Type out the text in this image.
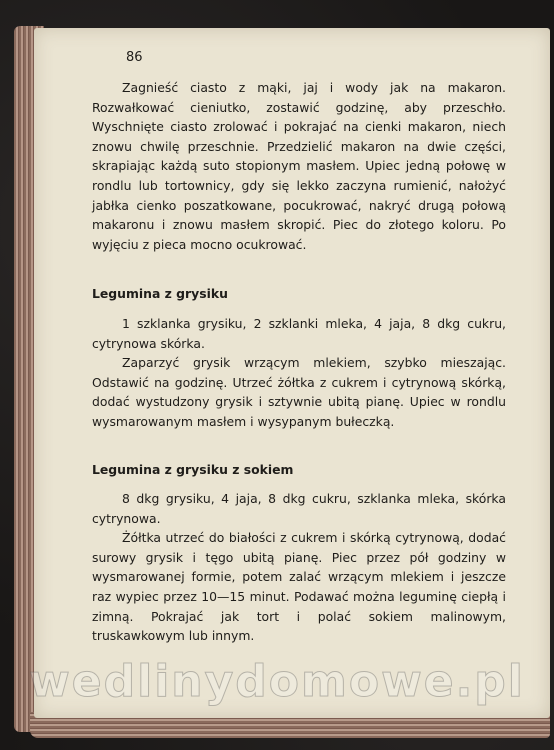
86

Zagnieść ciasto z mąki, jaj i wody jak na makaron. Rozwałkować cieniutko, zostawić godzinę, aby przeschło. Wyschnięte ciasto zrolować i pokrajać na cienki makaron, niech znowu chwilę przeschnie. Przedzielić makaron na dwie części, skrapiając każdą suto stopionym masłem. Upiec jedną połowę w rondlu lub tortownicy, gdy się lekko zaczyna rumienić, nałożyć jabłka cienko poszatkowane, pocukrować, nakryć drugą połową makaronu i znowu masłem skropić. Piec do złotego koloru. Po wyjęciu z pieca mocno ocukrować.

Legumina z grysiku

1 szklanka grysiku, 2 szklanki mleka, 4 jaja, 8 dkg cukru, cytrynowa skórka.

Zaparzyć grysik wrzącym mlekiem, szybko mieszając. Odstawić na godzinę. Utrzeć żółtka z cukrem i cytrynową skórką, dodać wystudzony grysik i sztywnie ubitą pianę. Upiec w rondlu wysmarowanym masłem i wysypanym bułeczką.

Legumina z grysiku z sokiem

8 dkg grysiku, 4 jaja, 8 dkg cukru, szklanka mleka, skórka cytrynowa.

Żółtka utrzeć do białości z cukrem i skórką cytrynową, dodać surowy grysik i tęgo ubitą pianę. Piec przez pół godziny w wysmarowanej formie, potem zalać wrzącym mlekiem i jeszcze raz wypiec przez 10—15 minut. Podawać można leguminę ciepłą i zimną. Pokrajać jak tort i polać sokiem malinowym, truskawkowym lub innym.

wedlinydomowe.pl
